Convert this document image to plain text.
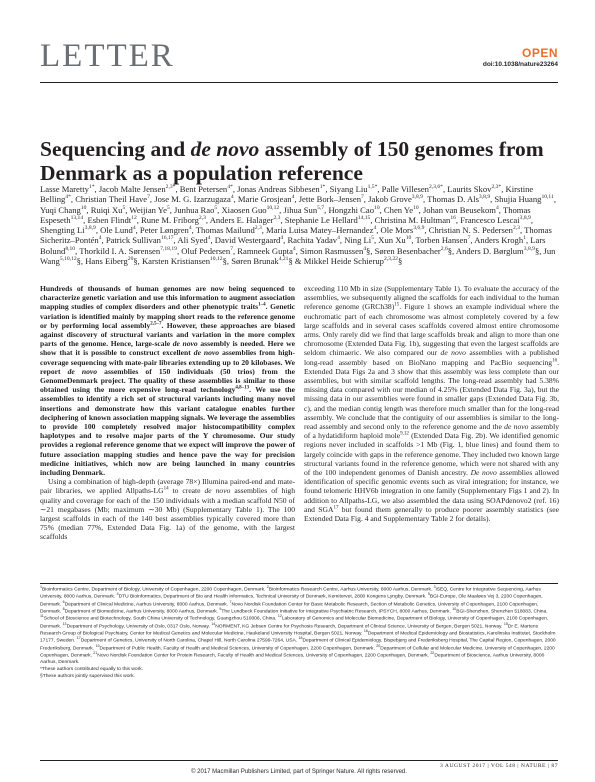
LETTER	OPEN
doi:10.1038/nature23264
Sequencing and de novo assembly of 150 genomes from Denmark as a population reference
Lasse Maretty$^{1*}$, Jacob Malte Jensen$^{2,3*}$, Bent Petersen$^{4*}$, Jonas Andreas Sibbesen$^{1*}$, Siyang Liu$^{1,5*}$, Palle Villesen$^{2,3,6*}$, Laurits Skov$^{2,3*}$, Kirstine Belling$^{4*}$, Christian Theil Have$^7$, Jose M. G. Izarzugaza$^4$, Marie Grosjean$^4$, Jette Bork–Jensen$^7$, Jakob Grove$^{3,8,9}$, Thomas D. Als$^{3,8,9}$, Shujia Huang$^{10,11}$, Yuqi Chang$^{10}$, Ruiqi Xu$^5$, Weijian Ye$^5$, Junhua Rao$^5$, Xiaosen Guo$^{10,12}$, Jihua Sun$^{5,7}$, Hongzhi Cao$^{10}$, Chen Ye$^{10}$, Johan van Beusekom$^4$, Thomas Espeseth$^{13,14}$, Esben Flindt$^{12}$, Rune M. Friborg$^{2,3}$, Anders E. Halager$^{2,3}$, Stephanie Le Hellard$^{14,15}$, Christina M. Hultman$^{16}$, Francesco Lescai$^{3,8,9}$, Shengting Li$^{3,8,9}$, Ole Lund$^4$, Peter Løngren$^4$, Thomas Mailund$^{2,3}$, Maria Luisa Matey–Hernandez$^4$, Ole Mors$^{3,6,9}$, Christian N. S. Pedersen$^{2,3}$, Thomas Sicheritz–Pontén$^4$, Patrick Sullivan$^{16,17}$, Ali Syed$^4$, David Westergaard$^4$, Rachita Yadav$^4$, Ning Li$^5$, Xun Xu$^{10}$, Torben Hansen$^7$, Anders Krogh$^1$, Lars Bolund$^{8,10}$, Thorkild I. A. Sørensen$^{7,18,19}$, Oluf Pedersen$^7$, Ramneek Gupta$^4$, Simon Rasmussen$^4$§, Søren Besenbacher$^{2,6}$§, Anders D. Børglum$^{3,8,9}$§, Jun Wang$^{5,10,12}$§, Hans Eiberg$^{20}$§, Karsten Kristiansen$^{10,12}$§, Søren Brunak$^{4,21}$§ & Mikkel Heide Schierup$^{2,3,22}$§

Hundreds of thousands of human genomes are now being sequenced to characterize genetic variation and use this information to augment association mapping studies of complex disorders and other phenotypic traits$^{1-4}$. Genetic variation is identified mainly by mapping short reads to the reference genome or by performing local assembly$^{2,5-7}$. However, these approaches are biased against discovery of structural variants and variation in the more complex parts of the genome. Hence, large-scale de novo assembly is needed. Here we show that it is possible to construct excellent de novo assemblies from high-coverage sequencing with mate-pair libraries extending up to 20 kilobases. We report de novo assemblies of 150 individuals (50 trios) from the GenomeDenmark project. The quality of these assemblies is similar to those obtained using the more expensive long-read technology$^{4,8-13}$. We use the assemblies to identify a rich set of structural variants including many novel insertions and demonstrate how this variant catalogue enables further deciphering of known association mapping signals. We leverage the assemblies to provide 100 completely resolved major histocompatibility complex haplotypes and to resolve major parts of the Y chromosome. Our study provides a regional reference genome that we expect will improve the power of future association mapping studies and hence pave the way for precision medicine initiatives, which now are being launched in many countries including Denmark.

Using a combination of high-depth (average 78×) Illumina paired-end and mate-pair libraries, we applied Allpaths-LG$^{14}$ to create de novo assemblies of high quality and coverage for each of the 150 individuals with a median scaffold N50 of ∼21 megabases (Mb; maximum ∼30 Mb) (Supplementary Table 1). The 100 largest scaffolds in each of the 140 best assemblies typically covered more than 75% (median 77%, Extended Data Fig. 1a) of the genome, with the largest scaffolds

exceeding 110 Mb in size (Supplementary Table 1). To evaluate the accuracy of the assemblies, we subsequently aligned the scaffolds for each individual to the human reference genome (GRCh38)$^{15}$. Figure 1 shows an example individual where the euchromatic part of each chromosome was almost completely covered by a few large scaffolds and in several cases scaffolds covered almost entire chromosome arms. Only rarely did we find that large scaffolds break and align to more than one chromosome (Extended Data Fig. 1b), suggesting that even the largest scaffolds are seldom chimaeric. We also compared our de novo assemblies with a published long-read assembly based on BioNano mapping and PacBio sequencing$^{16}$. Extended Data Figs 2a and 3 show that this assembly was less complete than our assemblies, but with similar scaffold lengths. The long-read assembly had 5.38% missing data compared with our median of 4.25% (Extended Data Fig. 3a), but the missing data in our assemblies were found in smaller gaps (Extended Data Fig. 3b, c), and the median contig length was therefore much smaller than for the long-read assembly. We conclude that the contiguity of our assemblies is similar to the long-read assembly and second only to the reference genome and the de novo assembly of a hydatidiform haploid mole$^{9,12}$ (Extended Data Fig. 2b). We identified genomic regions never included in scaffolds >1 Mb (Fig. 1, blue lines) and found them to largely coincide with gaps in the reference genome. They included two known large structural variants found in the reference genome, which were not shared with any of the 100 independent genomes of Danish ancestry. De novo assemblies allowed identification of specific genomic events such as viral integration; for instance, we found telomeric HHV6b integration in one family (Supplementary Figs 1 and 2). In addition to Allpaths-LG, we also assembled the data using SOAPdenovo2 (ref. 16) and SGA$^{17}$ but found them generally to produce poorer assembly statistics (see Extended Data Fig. 4 and Supplementary Table 2 for details).

$^1$Bioinformatics Centre, Department of Biology, University of Copenhagen, 2200 Copenhagen, Denmark. $^2$Bioinformatics Research Centre, Aarhus University, 8000 Aarhus, Denmark. $^3$iSEQ, Centre for Integrative Sequencing, Aarhus University, 8000 Aarhus, Denmark. $^4$DTU Bioinformatics, Department of Bio and Health Informatics, Technical University of Denmark, Kemitorvet, 2800 Kongens Lyngby, Denmark. $^5$BGI-Europe, Ole Maaløes Vej 3, 2200 Copenhagen, Denmark. $^6$Department of Clinical Medicine, Aarhus University, 8000 Aarhus, Denmark. $^7$Novo Nordisk Foundation Center for Basic Metabolic Research, Section of Metabolic Genetics, University of Copenhagen, 2100 Copenhagen, Denmark. $^8$Department of Biomedicine, Aarhus University, 8000 Aarhus, Denmark. $^9$The Lundbeck Foundation Initiative for Integrative Psychiatric Research, iPSYCH, 8000 Aarhus, Denmark. $^{10}$BGI-Shenzhen, Shenzhen 518083, China. $^{11}$School of Bioscience and Biotechnology, South China University of Technology, Guangzhou 510006, China. $^{12}$Laboratory of Genomics and Molecular Biomedicine, Department of Biology, University of Copenhagen, 2100 Copenhagen, Denmark. $^{13}$Department of Psychology, University of Oslo, 0317 Oslo, Norway. $^{14}$NORMENT, KG Jebsen Centre for Psychosis Research, Department of Clinical Science, University of Bergen, Bergen 5021, Norway. $^{15}$Dr E. Martens Research Group of Biological Psychiatry, Center for Medical Genetics and Molecular Medicine, Haukeland University Hospital, Bergen 5021, Norway. $^{16}$Department of Medical Epidemiology and Biostatistics, Karolinska Institutet, Stockholm 17177, Sweden. $^{17}$Department of Genetics, University of North Carolina, Chapel Hill, North Carolina 27599-7264, USA. $^{18}$Department of Clinical Epidemiology, Bispebjerg and Frederiksberg Hospital, The Capital Region, Copenhagen, 2000 Frederiksberg, Denmark. $^{19}$Department of Public Health, Faculty of Health and Medical Sciences, University of Copenhagen, 2200 Copenhagen, Denmark. $^{20}$Department of Cellular and Molecular Medicine, University of Copenhagen, 2200 Copenhagen, Denmark. $^{21}$Novo Nordisk Foundation Center for Protein Research, Faculty of Health and Medical Sciences, University of Copenhagen, 2200 Copenhagen, Denmark. $^{22}$Department of Bioscience, Aarhus University, 8000 Aarhus, Denmark.

*These authors contributed equally to this work.

§These authors jointly supervised this work.

3 AUGUST 2017 | VOL 548 | NATURE | 87
© 2017 Macmillan Publishers Limited, part of Springer Nature. All rights reserved.
